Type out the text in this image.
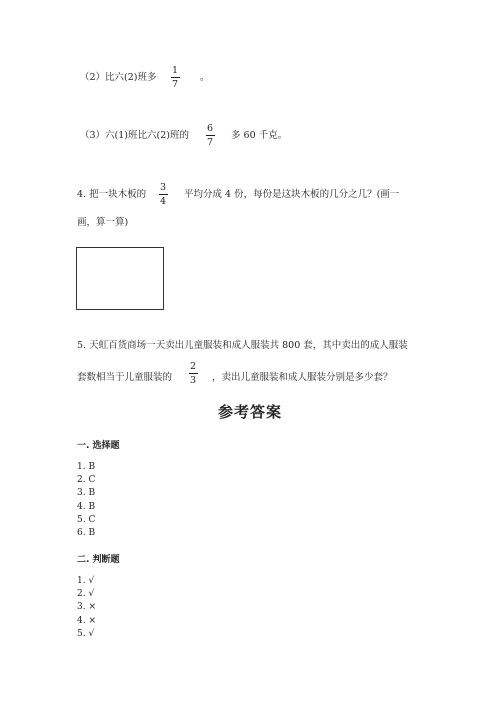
（2）比六(2)班多
1
7
。
（3）六(1)班比六(2)班的
6
7
多 60 千克。
4. 把一块木板的
3
4
平均分成 4 份，每份是这块木板的几分之几？(画一
画，算一算)
5. 天虹百货商场一天卖出儿童服装和成人服装共 800 套，其中卖出的成人服装
套数相当于儿童服装的
2
3 ，卖出儿童服装和成人服装分别是多少套？
参考答案
一. 选择题
1. B
2. C
3. B
4. B
5. C
6. B
二. 判断题
1. √
2. √
3. ×
4. ×
5. √
